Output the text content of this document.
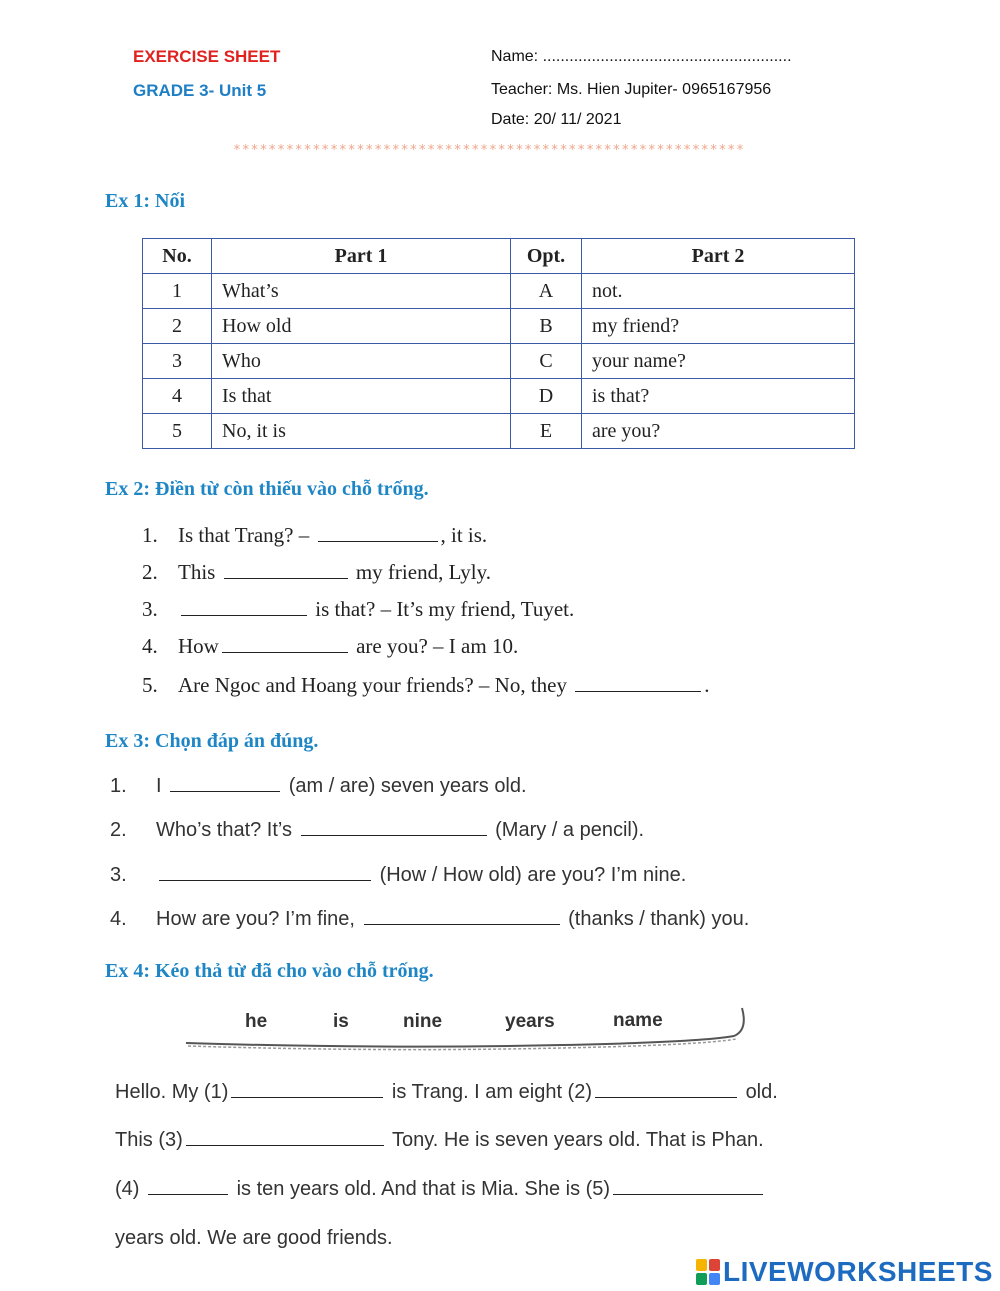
EXERCISE SHEET
GRADE 3- Unit 5
Name: ........................................................
Teacher: Ms. Hien Jupiter- 0965167956
Date: 20/ 11/ 2021
**********************************************************
Ex 1: Nối
No.	Part 1	Opt.	Part 2
1	What’s	A	not.
2	How old	B	my friend?
3	Who	C	your name?
4	Is that	D	is that?
5	No, it is	E	are you?
Ex 2: Điền từ còn thiếu vào chỗ trống.
1. Is that Trang? –	, it is.
2. This	my friend, Lyly.
3.	is that? – It’s my friend, Tuyet.
4. How	are you? – I am 10.
5. Are Ngoc and Hoang your friends? – No, they	.
Ex 3: Chọn đáp án đúng.
1. I	(am / are) seven years old.
2. Who’s that? It’s	(Mary / a pencil).
3.	(How / How old) are you? I’m nine.
4. How are you? I’m fine,	(thanks / thank) you.
Ex 4: Kéo thả từ đã cho vào chỗ trống.
he	is	nine	years	name
Hello. My (1)	is Trang. I am eight (2)	old.
This (3)	Tony. He is seven years old. That is Phan.
(4)	is ten years old. And that is Mia. She is (5)
years old. We are good friends.
LIVEWORKSHEETS
